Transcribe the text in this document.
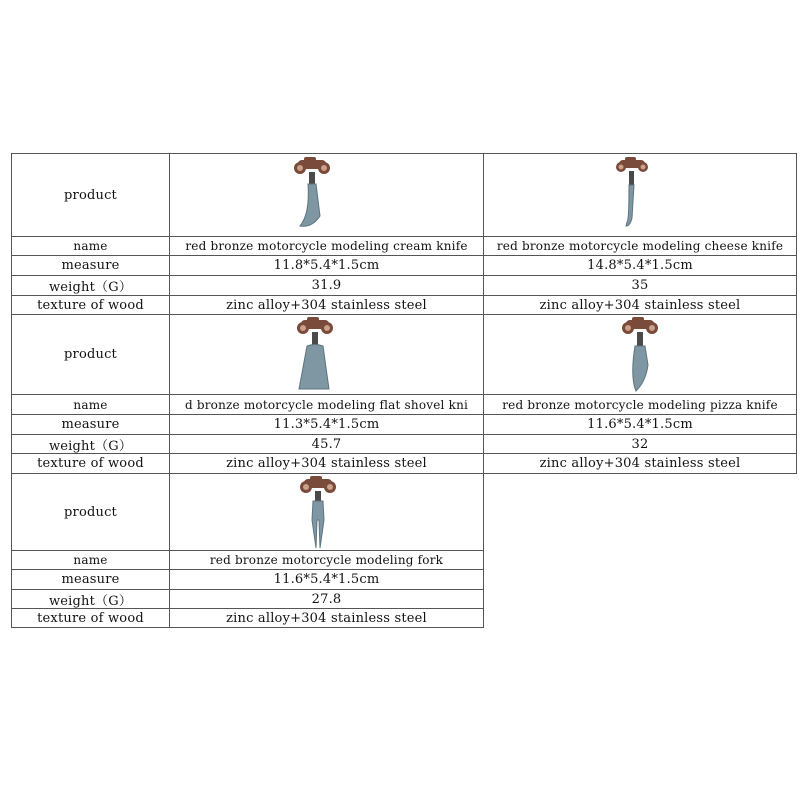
product
name
measure
weight（G）
texture of wood
red bronze motorcycle modeling cream knife
11.8*5.4*1.5cm
31.9
zinc alloy+304 stainless steel
red bronze motorcycle modeling cheese knife
14.8*5.4*1.5cm
35
zinc alloy+304 stainless steel
product
name
measure
weight（G）
texture of wood
d bronze motorcycle modeling flat shovel kni
11.3*5.4*1.5cm
45.7
zinc alloy+304 stainless steel
red bronze motorcycle modeling pizza knife
11.6*5.4*1.5cm
32
zinc alloy+304 stainless steel
product
name
measure
weight（G）
texture of wood
red bronze motorcycle modeling fork
11.6*5.4*1.5cm
27.8
zinc alloy+304 stainless steel
